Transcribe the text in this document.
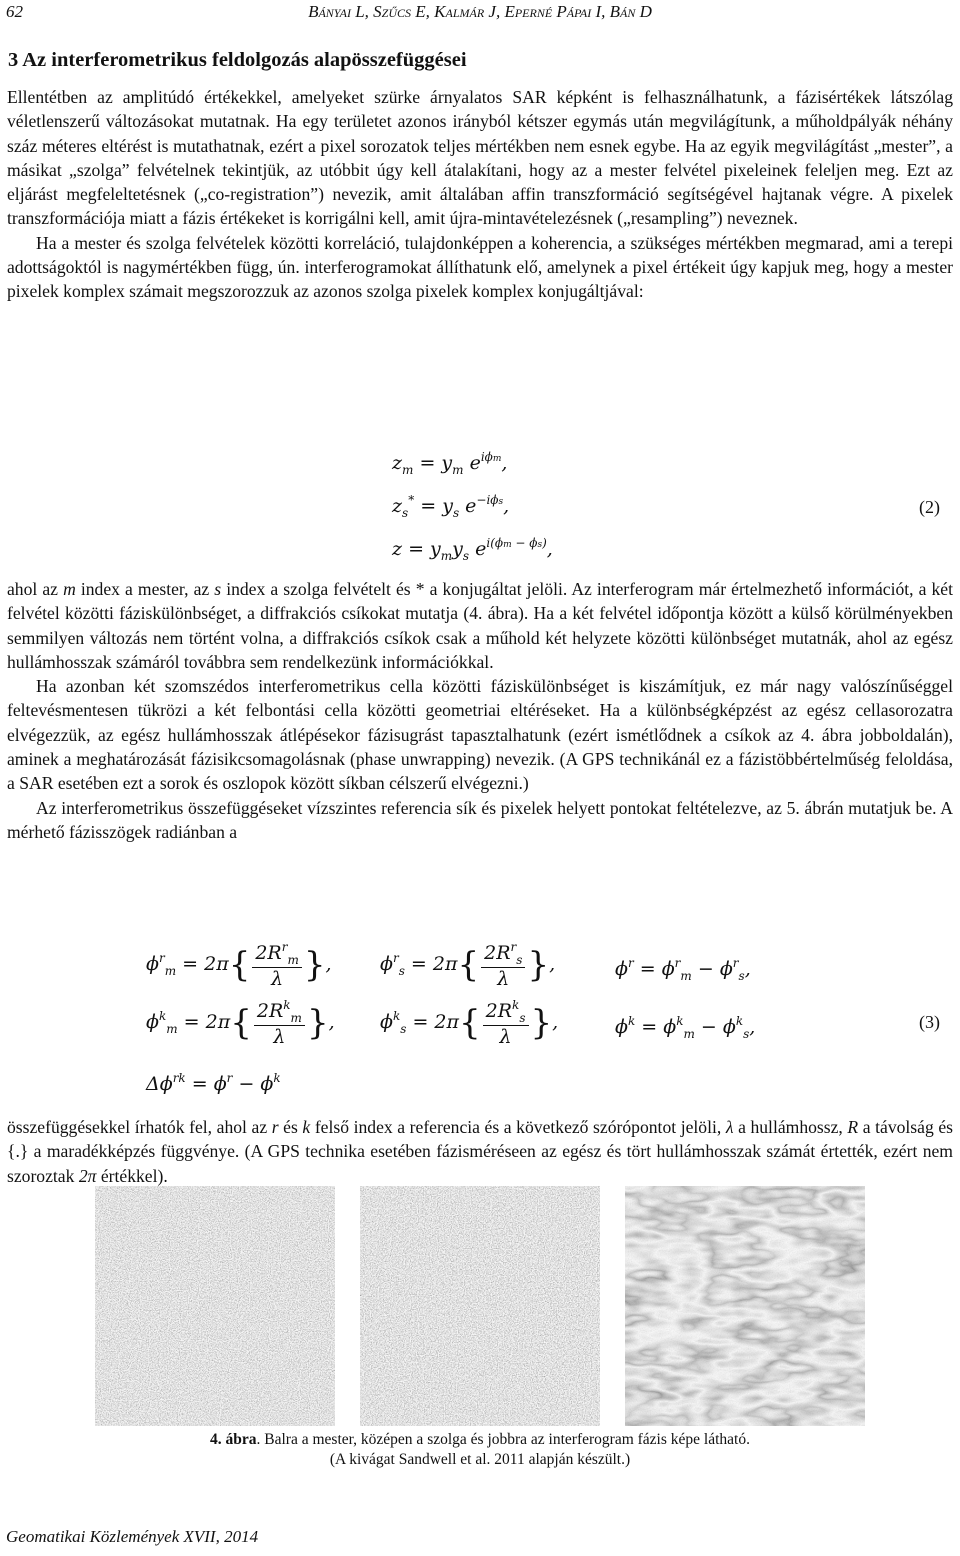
62	Bányai L, Szűcs E, Kalmár J, Eperné Pápai I, Bán D
3 Az interferometrikus feldolgozás alapösszefüggései

Ellentétben az amplitúdó értékekkel, amelyeket szürke árnyalatos SAR képként is felhasználhatunk, a fázisértékek látszólag véletlenszerű változásokat mutatnak. Ha egy területet azonos irányból kétszer egymás után megvilágítunk, a műholdpályák néhány száz méteres eltérést is mutathatnak, ezért a pixel sorozatok teljes mértékben nem esnek egybe. Ha az egyik megvilágítást „mester”, a másikat „szolga” felvételnek tekintjük, az utóbbit úgy kell átalakítani, hogy az a mester felvétel pixeleinek feleljen meg. Ezt az eljárást megfeleltetésnek („co-registration”) nevezik, amit általában affin transzformáció segítségével hajtanak végre. A pixelek transzformációja miatt a fázis értékeket is korrigálni kell, amit újra-mintavételezésnek („resampling”) neveznek.

Ha a mester és szolga felvételek közötti korreláció, tulajdonképpen a koherencia, a szükséges mértékben megmarad, ami a terepi adottságoktól is nagymértékben függ, ún. interferogramokat állíthatunk elő, amelynek a pixel értékeit úgy kapjuk meg, hogy a mester pixelek komplex számait megszorozzuk az azonos szolga pixelek komplex konjugáltjával:

$z_m = y_m$ $e^{i\phi m}$,
$z_s^* = y_s$ $e^{-i\phi s}$,
$z = y_my_s$ $e^{i(\phi m - \phi s)}$,
(2)

ahol az m index a mester, az s index a szolga felvételt és * a konjugáltat jelöli. Az interferogram már értelmezhető információt, a két felvétel közötti fáziskülönbséget, a diffrakciós csíkokat mutatja (4. ábra). Ha a két felvétel időpontja között a külső körülményekben semmilyen változás nem történt volna, a diffrakciós csíkok csak a műhold két helyzete közötti különbséget mutatnák, ahol az egész hullámhosszak számáról továbbra sem rendelkezünk információkkal.

Ha azonban két szomszédos interferometrikus cella közötti fáziskülönbséget is kiszámítjuk, ez már nagy valószínűséggel feltevésmentesen tükrözi a két felbontási cella közötti geometriai eltéréseket. Ha a különbségképzést az egész cellasorozatra elvégezzük, az egész hullámhosszak átlépésekor fázisugrást tapasztalhatunk (ezért ismétlődnek a csíkok az 4. ábra jobboldalán), aminek a meghatározását fázisikcsomagolásnak (phase unwrapping) nevezik. (A GPS technikánál ez a fázistöbbértelműség feloldása, a SAR esetében ezt a sorok és oszlopok között síkban célszerű elvégezni.)

Az interferometrikus összefüggéseket vízszintes referencia sík és pixelek helyett pontokat feltételezve, az 5. ábrán mutatjuk be. A mérhető fázisszögek radiánban a

$\phi^r_m = 2\pi\{ \frac{2R^r_m}{\lambda}$ },	$\phi^r_s = 2\pi\{ \frac{2R^r_s}{\lambda}$ },	$\phi^r = \phi^r_m - \phi^r_s$,
$\phi^k_m = 2\pi\{ \frac{2R^k_m}{\lambda}$ }, $\phi^k_s = 2\pi\{ \frac{2R^k_s}{\lambda}$ },	$\phi^k = \phi^k_m - \phi^k_s$,	(3)
$\Delta\phi^{rk} = \phi^r - \phi^k$

összefüggésekkel írhatók fel, ahol az r és k felső index a referencia és a következő szórópontot jelöli, λ a hullámhossz, R a távolság és {.} a maradékképzés függvénye. (A GPS technika esetében fázisméréseen az egész és tört hullámhosszak számát értették, ezért nem szoroztak 2π értékkel).

4. ábra. Balra a mester, középen a szolga és jobbra az interferogram fázis képe látható.
(A kivágat Sandwell et al. 2011 alapján készült.)
Geomatikai Közlemények XVII, 2014
